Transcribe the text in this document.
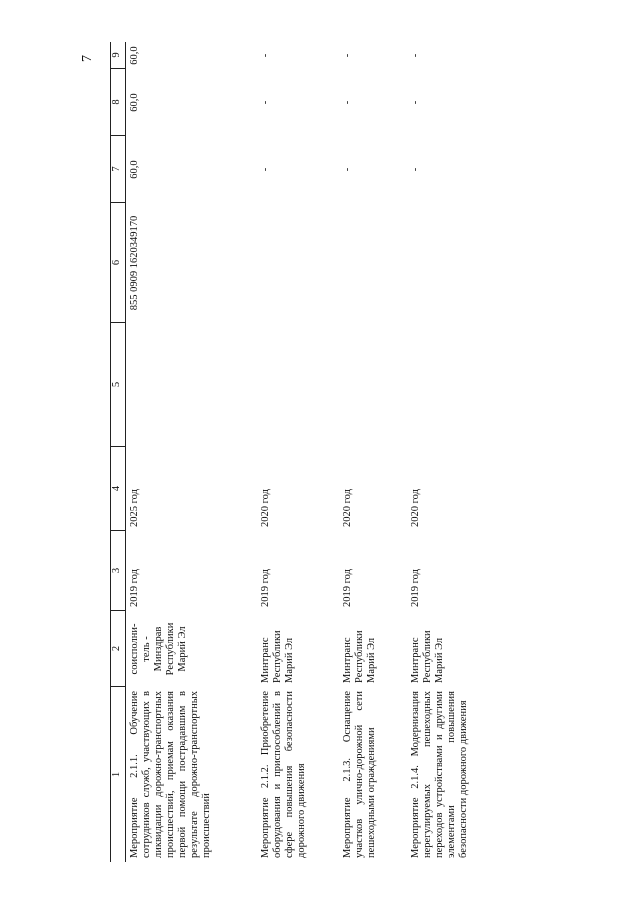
7
1
2
3
4
5
6
7
8
9
Мероприятие 2.1.1. Обучение сотрудников служб, участвующих в ликвидации дорожно-транспортных происшествий, приемам оказания первой помощи пострадавшим в результате дорожно-транспортных происшествий
соисполни- тель - Минздрав Республики Марий Эл
2019 год
2025 год
855 0909 1620349170
60,0
60,0
60,0
Мероприятие 2.1.2. Приобретение оборудования и приспособлений в сфере повышения безопасности дорожного движения
Минтранс Республики Марий Эл
2019 год
2020 год
-
-
-
Мероприятие 2.1.3. Оснащение участков улично-дорожной сети пешеходными ограждениями
Минтранс Республики Марий Эл
2019 год
2020 год
-
-
-
Мероприятие 2.1.4. Модернизация нерегулируемых пешеходных переходов устройствами и другими элементами повышения безопасности дорожного движения
Минтранс Республики Марий Эл
2019 год
2020 год
-
-
-
